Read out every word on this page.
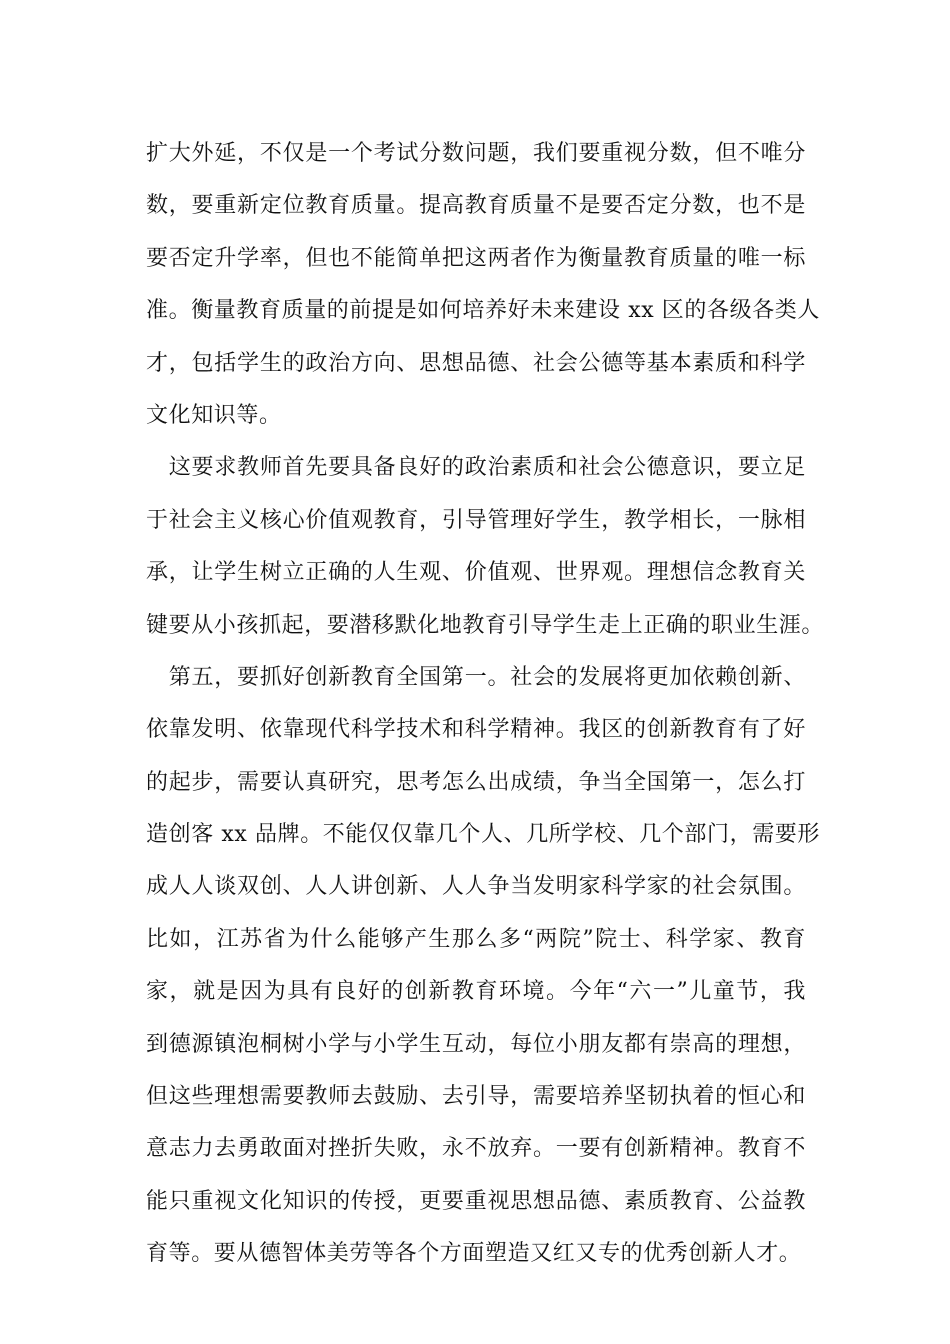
扩大外延，不仅是一个考试分数问题，我们要重视分数，但不唯分
数，要重新定位教育质量。提高教育质量不是要否定分数，也不是
要否定升学率，但也不能简单把这两者作为衡量教育质量的唯一标
准。衡量教育质量的前提是如何培养好未来建设 xx 区的各级各类人
才，包括学生的政治方向、思想品德、社会公德等基本素质和科学
文化知识等。
　这要求教师首先要具备良好的政治素质和社会公德意识，要立足
于社会主义核心价值观教育，引导管理好学生，教学相长，一脉相
承，让学生树立正确的人生观、价值观、世界观。理想信念教育关
键要从小孩抓起，要潜移默化地教育引导学生走上正确的职业生涯。
　第五，要抓好创新教育全国第一。社会的发展将更加依赖创新、
依靠发明、依靠现代科学技术和科学精神。我区的创新教育有了好
的起步，需要认真研究，思考怎么出成绩，争当全国第一，怎么打
造创客 xx 品牌。不能仅仅靠几个人、几所学校、几个部门，需要形
成人人谈双创、人人讲创新、人人争当发明家科学家的社会氛围。
比如，江苏省为什么能够产生那么多“两院”院士、科学家、教育
家，就是因为具有良好的创新教育环境。今年“六一”儿童节，我
到德源镇泡桐树小学与小学生互动，每位小朋友都有崇高的理想，
但这些理想需要教师去鼓励、去引导，需要培养坚韧执着的恒心和
意志力去勇敢面对挫折失败，永不放弃。一要有创新精神。教育不
能只重视文化知识的传授，更要重视思想品德、素质教育、公益教
育等。要从德智体美劳等各个方面塑造又红又专的优秀创新人才。
